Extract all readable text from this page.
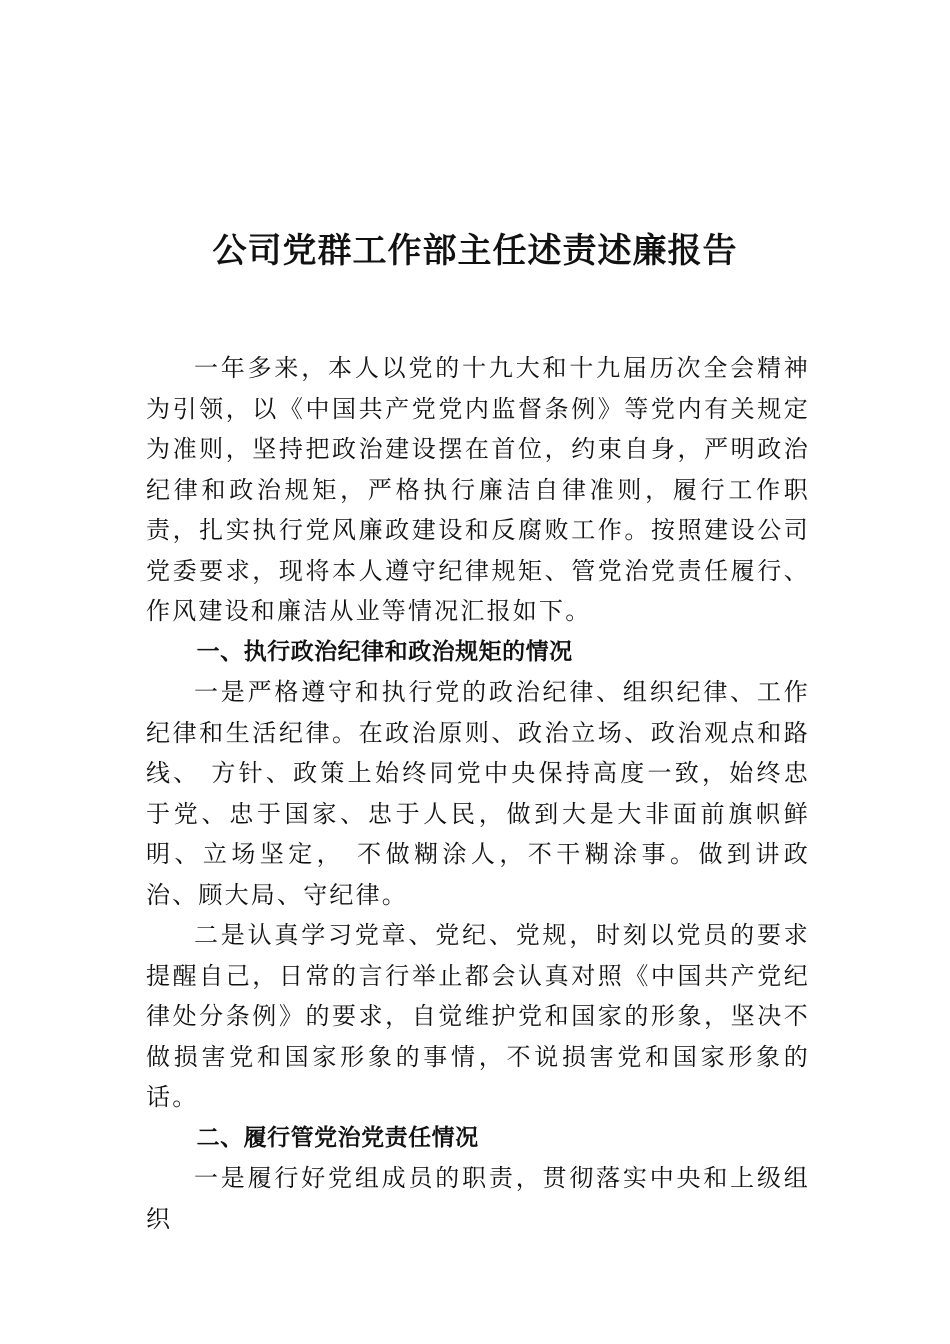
公司党群工作部主任述责述廉报告

一年多来，本人以党的十九大和十九届历次全会精神为引领，以《中国共产党党内监督条例》等党内有关规定为准则，坚持把政治建设摆在首位，约束自身，严明政治纪律和政治规矩，严格执行廉洁自律准则，履行工作职责，扎实执行党风廉政建设和反腐败工作。按照建设公司党委要求，现将本人遵守纪律规矩、管党治党责任履行、作风建设和廉洁从业等情况汇报如下。

一、执行政治纪律和政治规矩的情况

一是严格遵守和执行党的政治纪律、组织纪律、工作纪律和生活纪律。在政治原则、政治立场、政治观点和路线、 方针、政策上始终同党中央保持高度一致，始终忠于党、忠于国家、忠于人民，做到大是大非面前旗帜鲜明、立场坚定， 不做糊涂人，不干糊涂事。做到讲政治、顾大局、守纪律。

二是认真学习党章、党纪、党规，时刻以党员的要求提醒自己，日常的言行举止都会认真对照《中国共产党纪律处分条例》的要求，自觉维护党和国家的形象，坚决不做损害党和国家形象的事情，不说损害党和国家形象的话。

二、履行管党治党责任情况

一是履行好党组成员的职责，贯彻落实中央和上级组织
